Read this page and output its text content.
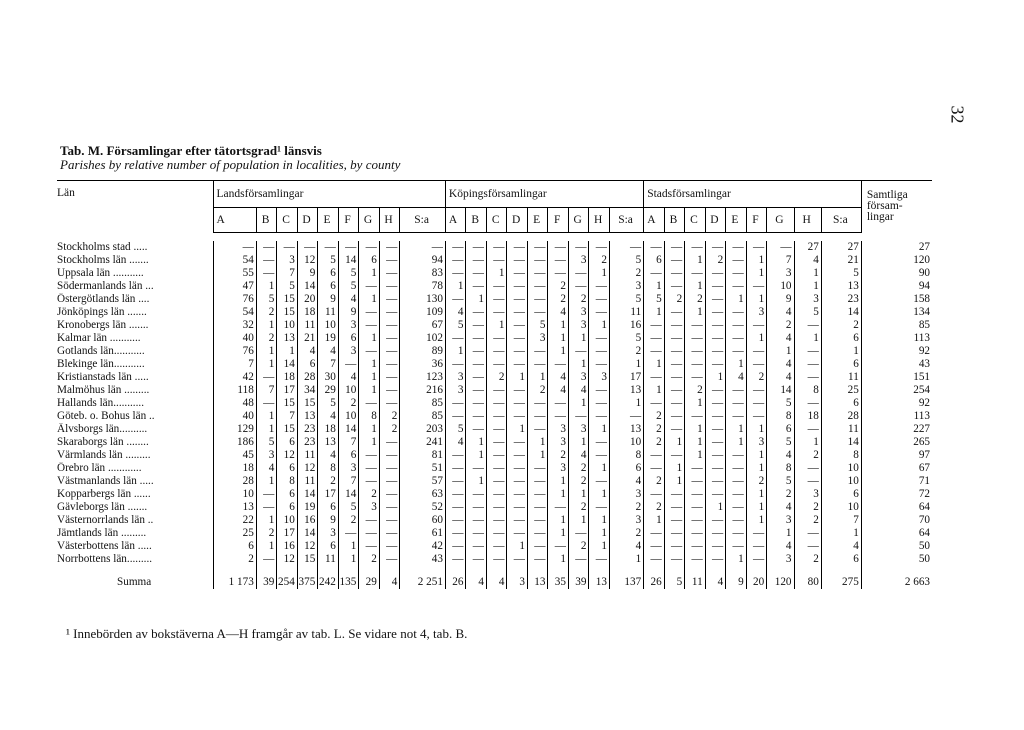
32
Tab. M. Församlingar efter tätortsgrad¹ länsvis
Parishes by relative number of population in localities, by county
Län	Landsförsamlingar									Köpingsförsamlingar									Stadsförsamlingar									Samtliga
försam-
lingar
	A	B	C	D	E	F	G	H	S:a	A	B	C	D	E	F	G	H	S:a	A	B	C	D	E	F	G	H	S:a	

Stockholms stad .....	—	—	—	—	—	—	—	—	—	—	—	—	—	—	—	—	—	—	—	—	—	—	—	—	—	27	27	27
Stockholms län .......	54	—	3	12	5	14	6	—	94	—	—	—	—	—	—	3	2	5	6	—	1	2	—	1	7	4	21	120
Uppsala län ...........	55	—	7	9	6	5	1	—	83	—	—	1	—	—	—	—	1	2	—	—	—	—	—	1	3	1	5	90
Södermanlands län ...	47	1	5	14	6	5	—	—	78	1	—	—	—	—	2	—	—	3	1	—	1	—	—	—	10	1	13	94
Östergötlands län ....	76	5	15	20	9	4	1	—	130	—	1	—	—	—	2	2	—	5	5	2	2	—	1	1	9	3	23	158
Jönköpings län .......	54	2	15	18	11	9	—	—	109	4	—	—	—	—	4	3	—	11	1	—	1	—	—	3	4	5	14	134
Kronobergs län .......	32	1	10	11	10	3	—	—	67	5	—	1	—	5	1	3	1	16	—	—	—	—	—	—	2	—	2	85
Kalmar län ...........	40	2	13	21	19	6	1	—	102	—	—	—	—	3	1	1	—	5	—	—	—	—	—	1	4	1	6	113
Gotlands län...........	76	1	1	4	4	3	—	—	89	1	—	—	—	—	1	—	—	2	—	—	—	—	—	—	1	—	1	92
Blekinge län...........	7	1	14	6	7	—	1	—	36	—	—	—	—	—	—	1	—	1	1	—	—	—	1	—	4	—	6	43
Kristianstads län .....	42	—	18	28	30	4	1	—	123	3	—	2	1	1	4	3	3	17	—	—	—	1	4	2	4	—	11	151
Malmöhus län .........	118	7	17	34	29	10	1	—	216	3	—	—	—	2	4	4	—	13	1	—	2	—	—	—	14	8	25	254
Hallands län...........	48	—	15	15	5	2	—	—	85	—	—	—	—	—	—	1	—	1	—	—	1	—	—	—	5	—	6	92
Göteb. o. Bohus län ..	40	1	7	13	4	10	8	2	85	—	—	—	—	—	—	—	—	—	2	—	—	—	—	—	8	18	28	113
Älvsborgs län..........	129	1	15	23	18	14	1	2	203	5	—	—	1	—	3	3	1	13	2	—	1	—	1	1	6	—	11	227
Skaraborgs län ........	186	5	6	23	13	7	1	—	241	4	1	—	—	1	3	1	—	10	2	1	1	—	1	3	5	1	14	265
Värmlands län .........	45	3	12	11	4	6	—	—	81	—	1	—	—	1	2	4	—	8	—	—	1	—	—	1	4	2	8	97
Örebro län ............	18	4	6	12	8	3	—	—	51	—	—	—	—	—	3	2	1	6	—	1	—	—	—	1	8	—	10	67
Västmanlands län .....	28	1	8	11	2	7	—	—	57	—	1	—	—	—	1	2	—	4	2	1	—	—	—	2	5	—	10	71
Kopparbergs län ......	10	—	6	14	17	14	2	—	63	—	—	—	—	—	1	1	1	3	—	—	—	—	—	1	2	3	6	72
Gävleborgs län .......	13	—	6	19	6	5	3	—	52	—	—	—	—	—	—	2	—	2	2	—	—	1	—	1	4	2	10	64
Västernorrlands län ..	22	1	10	16	9	2	—	—	60	—	—	—	—	—	1	1	1	3	1	—	—	—	—	1	3	2	7	70
Jämtlands län .........	25	2	17	14	3	—	—	—	61	—	—	—	—	—	1	—	1	2	—	—	—	—	—	—	1	—	1	64
Västerbottens län .....	6	1	16	12	6	1	—	—	42	—	—	—	1	—	—	2	1	4	—	—	—	—	—	—	4	—	4	50
Norrbottens län.........	2	—	12	15	11	1	2	—	43	—	—	—	—	—	1	—	—	1	—	—	—	—	1	—	3	2	6	50
Summa	1 173	39	254	375	242	135	29	4	2 251	26	4	4	3	13	35	39	13	137	26	5	11	4	9	20	120	80	275	2 663
¹ Innebörden av bokstäverna A—H framgår av tab. L. Se vidare not 4, tab. B.
